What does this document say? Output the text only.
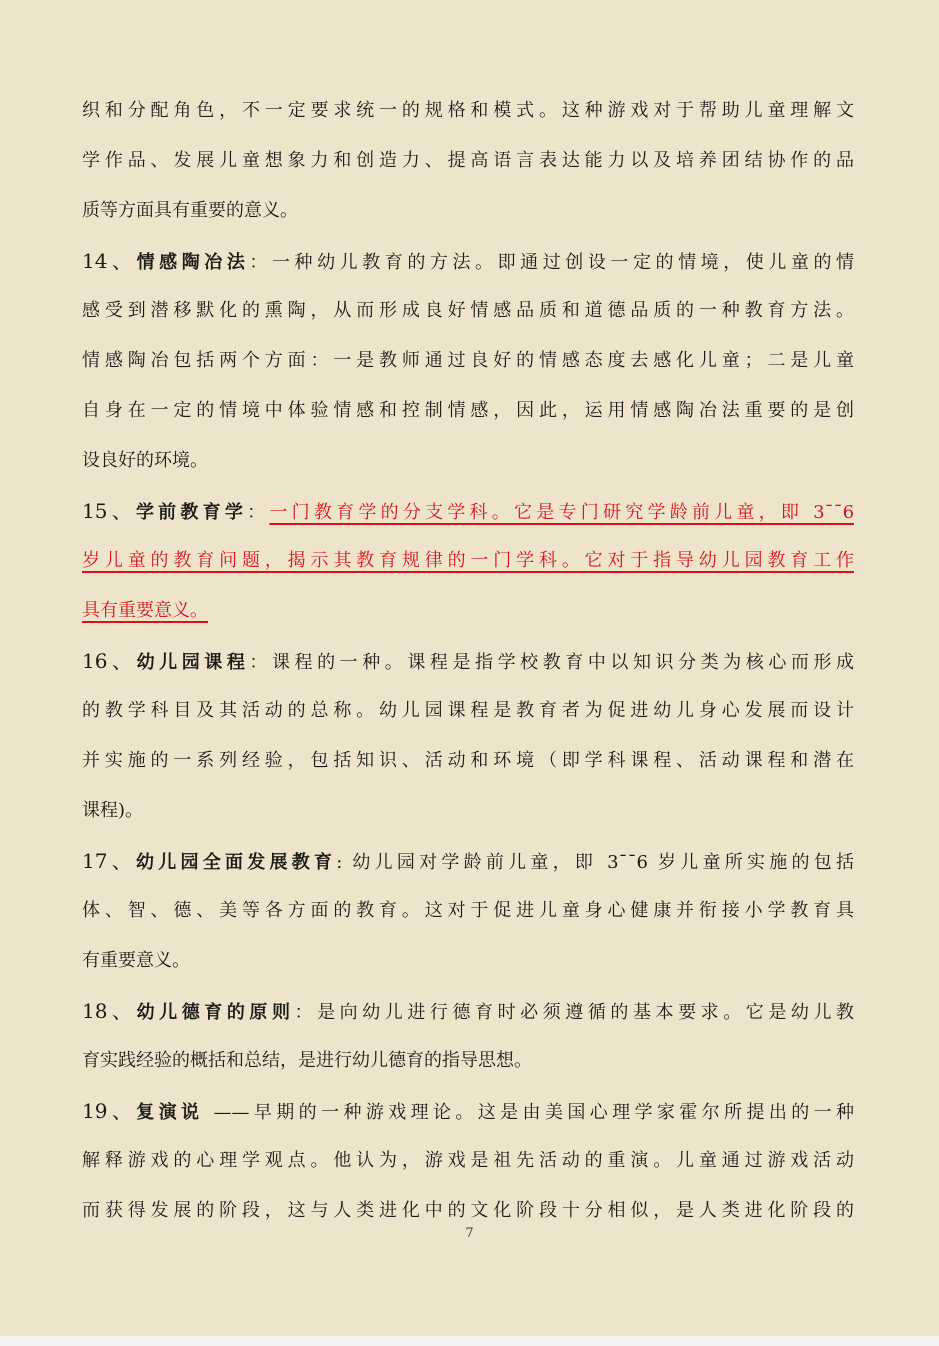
织和分配角色，不一定要求统一的规格和模式。这种游戏对于帮助儿童理解文
学作品、发展儿童想象力和创造力、提高语言表达能力以及培养团结协作的品
质等方面具有重要的意义。
14、情感陶冶法：一种幼儿教育的方法。即通过创设一定的情境，使儿童的情
感受到潜移默化的熏陶，从而形成良好情感品质和道德品质的一种教育方法。
情感陶冶包括两个方面：一是教师通过良好的情感态度去感化儿童；二是儿童
自身在一定的情境中体验情感和控制情感，因此，运用情感陶冶法重要的是创
设良好的环境。
15、学前教育学：一门教育学的分支学科。它是专门研究学龄前儿童，即 3¯¯6
岁儿童的教育问题，揭示其教育规律的一门学科。它对于指导幼儿园教育工作
具有重要意义。
16、幼儿园课程：课程的一种。课程是指学校教育中以知识分类为核心而形成
的教学科目及其活动的总称。幼儿园课程是教育者为促进幼儿身心发展而设计
并实施的一系列经验，包括知识、活动和环境（即学科课程、活动课程和潜在
课程)。
17、幼儿园全面发展教育: 幼儿园对学龄前儿童，即 3¯¯6 岁儿童所实施的包括
体、智、德、美等各方面的教育。这对于促进儿童身心健康并衔接小学教育具
有重要意义。
18、幼儿德育的原则：是向幼儿进行德育时必须遵循的基本要求。它是幼儿教
育实践经验的概括和总结，是进行幼儿德育的指导思想。
19、复演说 ——早期的一种游戏理论。这是由美国心理学家霍尔所提出的一种
解释游戏的心理学观点。他认为，游戏是祖先活动的重演。儿童通过游戏活动
而获得发展的阶段，这与人类进化中的文化阶段十分相似，是人类进化阶段的
7
